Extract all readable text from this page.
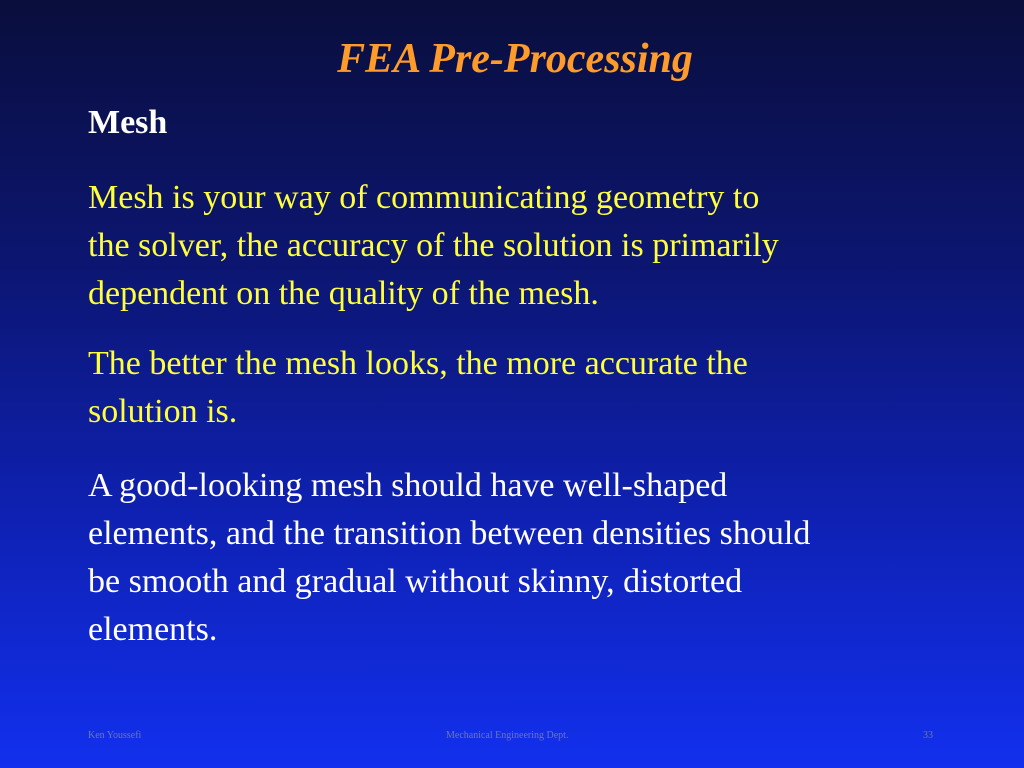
FEA Pre-Processing
Mesh

Mesh is your way of communicating geometry to
the solver, the accuracy of the solution is primarily
dependent on the quality of the mesh.

The better the mesh looks, the more accurate the
solution is.

A good-looking mesh should have well-shaped
elements, and the transition between densities should
be smooth and gradual without skinny, distorted
elements.

Ken Youssefi	Mechanical Engineering Dept.	33
